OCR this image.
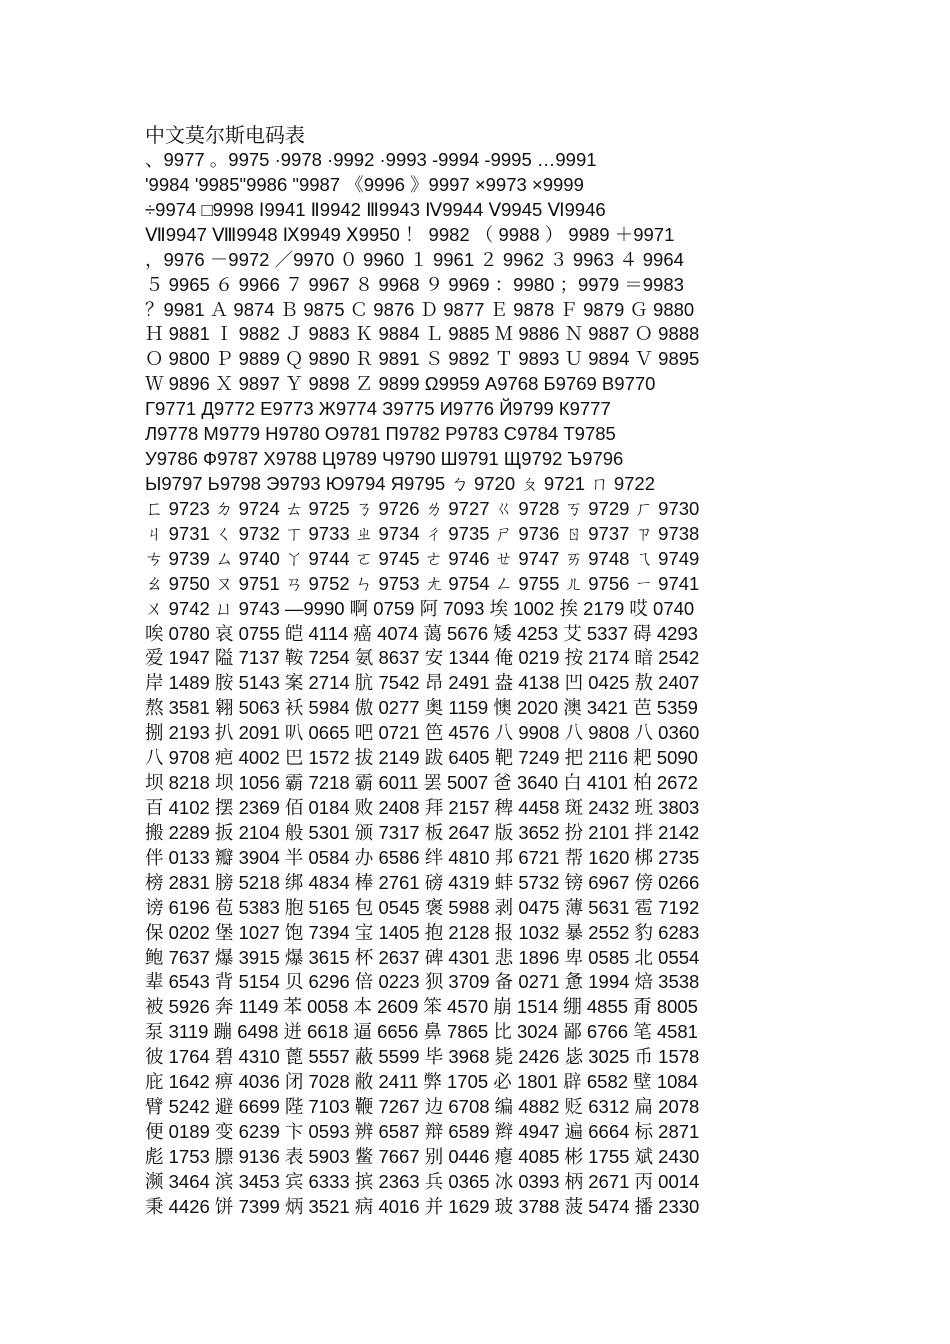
中文莫尔斯电码表
、9977 。9975 ·9978 ·9992 ·9993 -9994 -9995 …9991
'9984 '9985"9986 "9987 《9996 》9997 ×9973 ×9999
÷9974 □9998 Ⅰ9941 Ⅱ9942 Ⅲ9943 Ⅳ9944 Ⅴ9945 Ⅵ9946
Ⅶ9947 Ⅷ9948 Ⅸ9949 Ⅹ9950 ！ 9982 （ 9988 ） 9989 ＋9971
，9976 －9972 ／9970 ０ 9960 １ 9961 ２ 9962 ３ 9963 ４ 9964
５ 9965 ６ 9966 ７ 9967 ８ 9968 ９ 9969 ：9980 ；9979 ＝9983
？9981 Ａ 9874 Ｂ 9875 Ｃ 9876 Ｄ 9877 Ｅ 9878 Ｆ 9879 Ｇ 9880
Ｈ 9881 Ｉ 9882 Ｊ 9883 Ｋ 9884 Ｌ 9885 Ｍ 9886 Ｎ 9887 Ｏ 9888
Ｏ 9800 Ｐ 9889 Ｑ 9890 Ｒ 9891 Ｓ 9892 Ｔ 9893 Ｕ 9894 Ｖ 9895
Ｗ 9896 Ｘ 9897 Ｙ 9898 Ｚ 9899 Ω9959 А9768 Б9769 В9770
Г9771 Д9772 Е9773 Ж9774 З9775 И9776 Й9799 К9777
Л9778 М9779 Н9780 О9781 П9782 Р9783 С9784 Т9785
У9786 Ф9787 Х9788 Ц9789 Ч9790 Ш9791 Щ9792 Ъ9796
Ы9797 Ь9798 Э9793 Ю9794 Я9795 ㄅ 9720 ㄆ 9721 ㄇ 9722
ㄈ 9723 ㄉ 9724 ㄊ 9725 ㄋ 9726 ㄌ 9727 ㄍ 9728 ㄎ 9729 ㄏ 9730
ㄐ 9731 ㄑ 9732 ㄒ 9733 ㄓ 9734 ㄔ 9735 ㄕ 9736 ㄖ 9737 ㄗ 9738
ㄘ 9739 ㄙ 9740 ㄚ 9744 ㄛ 9745 ㄜ 9746 ㄝ 9747 ㄞ 9748 ㄟ 9749
ㄠ 9750 ㄡ 9751 ㄢ 9752 ㄣ 9753 ㄤ 9754 ㄥ 9755 ㄦ 9756 ㄧ 9741
ㄨ 9742 ㄩ 9743 —9990 啊 0759 阿 7093 埃 1002 挨 2179 哎 0740
唉 0780 哀 0755 皑 4114 癌 4074 蔼 5676 矮 4253 艾 5337 碍 4293
爱 1947 隘 7137 鞍 7254 氨 8637 安 1344 俺 0219 按 2174 暗 2542
岸 1489 胺 5143 案 2714 肮 7542 昂 2491 盎 4138 凹 0425 敖 2407
熬 3581 翱 5063 袄 5984 傲 0277 奥 1159 懊 2020 澳 3421 芭 5359
捌 2193 扒 2091 叭 0665 吧 0721 笆 4576 八 9908 八 9808 八 0360
八 9708 疤 4002 巴 1572 拔 2149 跋 6405 靶 7249 把 2116 耙 5090
坝 8218 坝 1056 霸 7218 霸 6011 罢 5007 爸 3640 白 4101 柏 2672
百 4102 摆 2369 佰 0184 败 2408 拜 2157 稗 4458 斑 2432 班 3803
搬 2289 扳 2104 般 5301 颁 7317 板 2647 版 3652 扮 2101 拌 2142
伴 0133 瓣 3904 半 0584 办 6586 绊 4810 邦 6721 帮 1620 梆 2735
榜 2831 膀 5218 绑 4834 棒 2761 磅 4319 蚌 5732 镑 6967 傍 0266
谤 6196 苞 5383 胞 5165 包 0545 褒 5988 剥 0475 薄 5631 雹 7192
保 0202 堡 1027 饱 7394 宝 1405 抱 2128 报 1032 暴 2552 豹 6283
鲍 7637 爆 3915 爆 3615 杯 2637 碑 4301 悲 1896 卑 0585 北 0554
辈 6543 背 5154 贝 6296 倍 0223 狈 3709 备 0271 惫 1994 焙 3538
被 5926 奔 1149 苯 0058 本 2609 笨 4570 崩 1514 绷 4855 甭 8005
泵 3119 蹦 6498 迸 6618 逼 6656 鼻 7865 比 3024 鄙 6766 笔 4581
彼 1764 碧 4310 蓖 5557 蔽 5599 毕 3968 毙 2426 毖 3025 币 1578
庇 1642 痹 4036 闭 7028 敝 2411 弊 1705 必 1801 辟 6582 壁 1084
臂 5242 避 6699 陛 7103 鞭 7267 边 6708 编 4882 贬 6312 扁 2078
便 0189 变 6239 卞 0593 辨 6587 辩 6589 辫 4947 遍 6664 标 2871
彪 1753 膘 9136 表 5903 鳖 7667 别 0446 瘪 4085 彬 1755 斌 2430
濒 3464 滨 3453 宾 6333 摈 2363 兵 0365 冰 0393 柄 2671 丙 0014
秉 4426 饼 7399 炳 3521 病 4016 并 1629 玻 3788 菠 5474 播 2330
